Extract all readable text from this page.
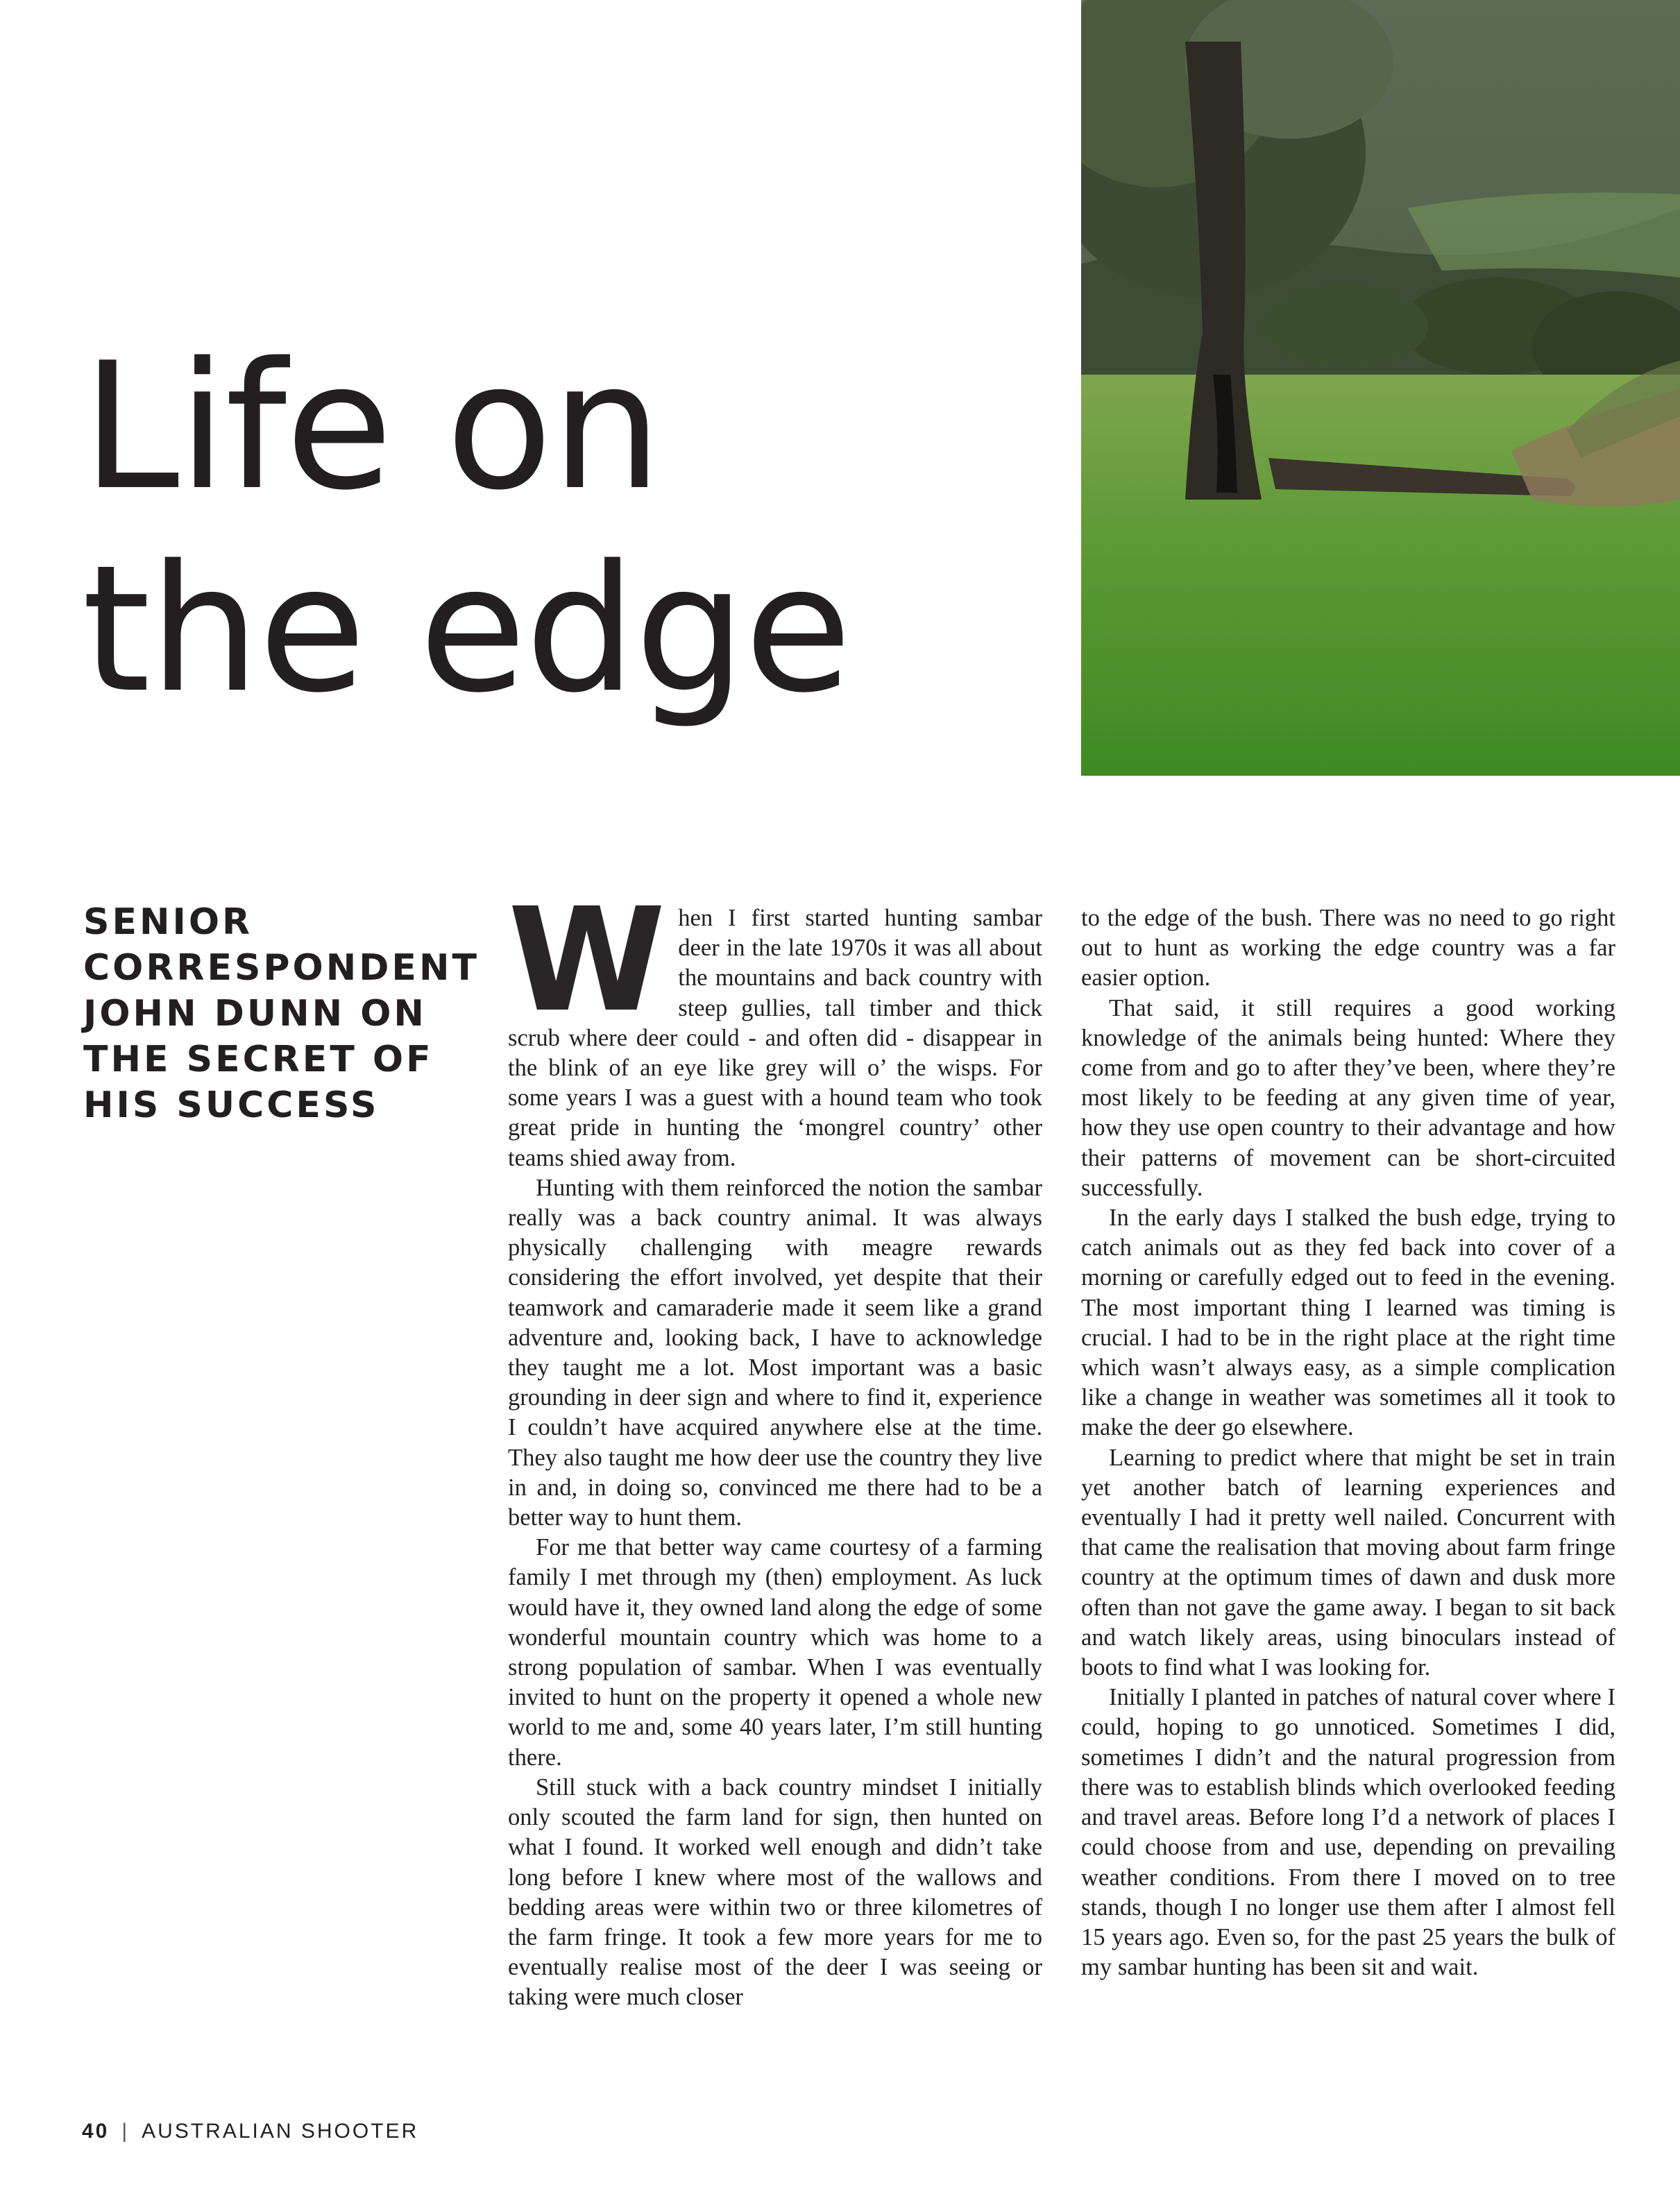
Life on
the edge

SENIOR CORRESPONDENT JOHN DUNN ON THE SECRET OF HIS SUCCESS

When I first started hunting sambar deer in the late 1970s it was all about the mountains and back country with steep gullies, tall timber and thick scrub where deer could - and often did - disappear in the blink of an eye like grey will o’ the wisps. For some years I was a guest with a hound team who took great pride in hunting the ‘mongrel country’ other teams shied away from.

Hunting with them reinforced the notion the sambar really was a back country animal. It was always physically challenging with meagre rewards considering the effort involved, yet despite that their teamwork and camaraderie made it seem like a grand adventure and, looking back, I have to acknowledge they taught me a lot. Most important was a basic grounding in deer sign and where to find it, experience I couldn’t have acquired anywhere else at the time. They also taught me how deer use the country they live in and, in doing so, convinced me there had to be a better way to hunt them.

For me that better way came courtesy of a farming family I met through my (then) employment. As luck would have it, they owned land along the edge of some wonderful mountain country which was home to a strong population of sambar. When I was eventually invited to hunt on the property it opened a whole new world to me and, some 40 years later, I’m still hunting there.

Still stuck with a back country mindset I initially only scouted the farm land for sign, then hunted on what I found. It worked well enough and didn’t take long before I knew where most of the wallows and bedding areas were within two or three kilometres of the farm fringe. It took a few more years for me to eventually realise most of the deer I was seeing or taking were much closer

to the edge of the bush. There was no need to go right out to hunt as working the edge country was a far easier option.

That said, it still requires a good working knowledge of the animals being hunted: Where they come from and go to after they’ve been, where they’re most likely to be feeding at any given time of year, how they use open country to their advantage and how their patterns of movement can be short-circuited successfully.

In the early days I stalked the bush edge, trying to catch animals out as they fed back into cover of a morning or carefully edged out to feed in the evening. The most important thing I learned was timing is crucial. I had to be in the right place at the right time which wasn’t always easy, as a simple complication like a change in weather was sometimes all it took to make the deer go elsewhere.

Learning to predict where that might be set in train yet another batch of learning experiences and eventually I had it pretty well nailed. Concurrent with that came the realisation that moving about farm fringe country at the optimum times of dawn and dusk more often than not gave the game away. I began to sit back and watch likely areas, using binoculars instead of boots to find what I was looking for.

Initially I planted in patches of natural cover where I could, hoping to go unnoticed. Sometimes I did, sometimes I didn’t and the natural progression from there was to establish blinds which overlooked feeding and travel areas. Before long I’d a network of places I could choose from and use, depending on prevailing weather conditions. From there I moved on to tree stands, though I no longer use them after I almost fell 15 years ago. Even so, for the past 25 years the bulk of my sambar hunting has been sit and wait.

40 | AUSTRALIAN SHOOTER
